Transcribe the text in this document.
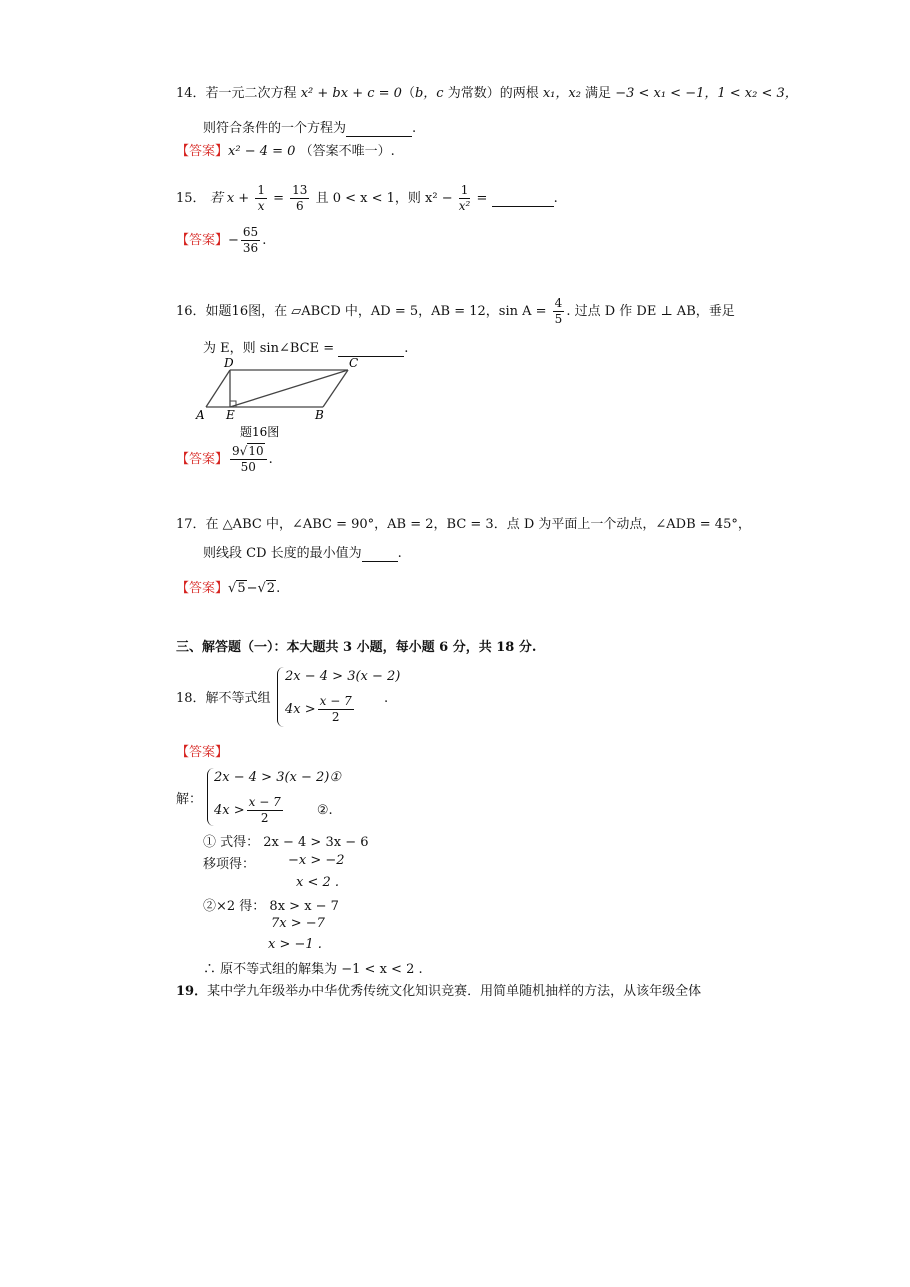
14．若一元二次方程 x² + bx + c = 0（b，c 为常数）的两根 x₁，x₂ 满足 −3 < x₁ < −1，1 < x₂ < 3，
则符合条件的一个方程为	.
【答案】x² − 4 = 0 （答案不唯一）.
15． 若 $x + \frac{1}{x} = \frac{13}{6}$ 且 0 < x < 1，则 $x^2 - \frac{1}{\text{x²}}$ =	.
【答案】− $\frac{65}{36}$ .
16．如题16图，在 ▱ABCD 中，AD = 5，AB = 12，$\sin A = \frac{4}{5}$ . 过点 D 作 DE ⊥ AB，垂足
为 E，则 sin∠BCE =	.
A E	B
D	C
题16图
【答案】 $\frac{9√10}{50}$ .
17．在 △ABC 中，∠ABC = 90°，AB = 2，BC = 3．点 D 为平面上一个动点，∠ADB = 45°，
则线段 CD 长度的最小值为	.
【答案】√5−√2.
三、解答题（一）：本大题共 3 小题，每小题 6 分，共 18 分.
18．解不等式组
2x − 4 > 3(x − 2)
$4x > \frac{x - 7}{2}$ .
【答案】
解：
2x − 4 > 3(x − 2)①
$4x > \frac{x - 7}{2}$	②.
① 式得： 2x − 4 > 3x − 6
移项得：	−x > −2
x < 2 .
②×2 得： 8x > x − 7
7x > −7
x > −1 .
∴ 原不等式组的解集为 −1 < x < 2 .
19．某中学九年级举办中华优秀传统文化知识竞赛．用简单随机抽样的方法，从该年级全体
